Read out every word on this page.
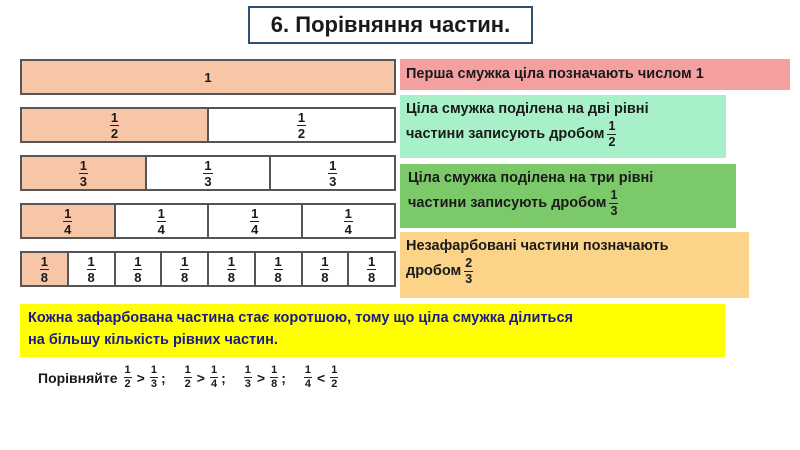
6. Порівняння частин.
1
$\frac{1}{2}$	$\frac{1}{2}$
$\frac{1}{3}$	$\frac{1}{3}$	$\frac{1}{3}$
$\frac{1}{4}$	$\frac{1}{4}$	$\frac{1}{4}$	$\frac{1}{4}$
$\frac{1}{8}$	$\frac{1}{8}$	$\frac{1}{8}$	$\frac{1}{8}$	$\frac{1}{8}$	$\frac{1}{8}$	$\frac{1}{8}$	$\frac{1}{8}$
Перша смужка ціла позначають числом 1
Ціла смужка поділена на дві рівні
частини записують дробом $\frac{1}{2}$
Ціла смужка поділена на три рівні
частини записують дробом $\frac{1}{3}$
Незафарбовані частини позначають
дробом $\frac{2}{3}$
Кожна зафарбована частина стає коротшою, тому що ціла смужка ділиться
на більшу кількість рівних частин.
Порівняйте $\frac{1}{2} > \frac{1}{3}$ ; $\frac{1}{2} > \frac{1}{4}$ ; $\frac{1}{3} > \frac{1}{8}$ ; $\frac{1}{4} < \frac{1}{2}$
